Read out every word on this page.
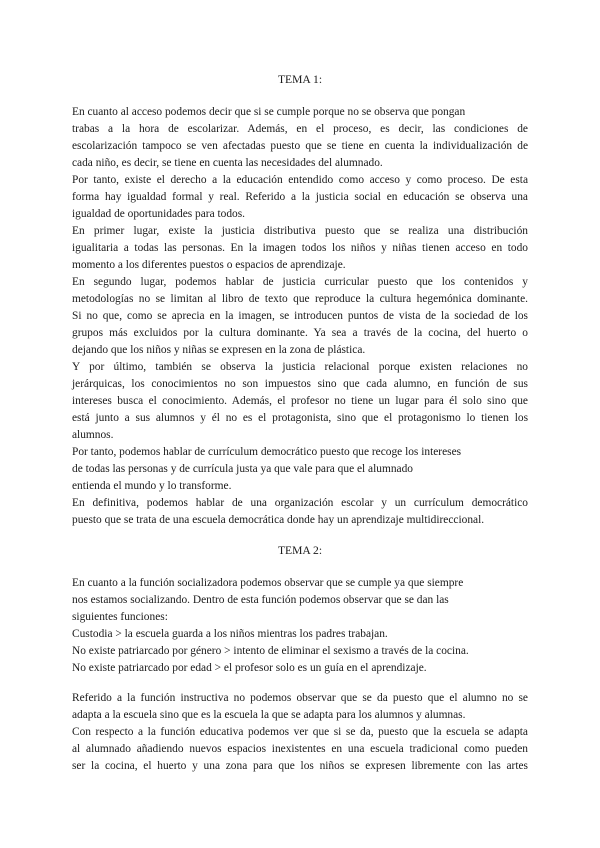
TEMA 1:

En cuanto al acceso podemos decir que si se cumple porque no se observa que pongan

trabas a la hora de escolarizar. Además, en el proceso, es decir, las condiciones de

escolarización tampoco se ven afectadas puesto que se tiene en cuenta la individualización de

cada niño, es decir, se tiene en cuenta las necesidades del alumnado.

Por tanto, existe el derecho a la educación entendido como acceso y como proceso. De esta

forma hay igualdad formal y real. Referido a la justicia social en educación se observa una

igualdad de oportunidades para todos.

En primer lugar, existe la justicia distributiva puesto que se realiza una distribución

igualitaria a todas las personas. En la imagen todos los niños y niñas tienen acceso en todo

momento a los diferentes puestos o espacios de aprendizaje.

En segundo lugar, podemos hablar de justicia curricular puesto que los contenidos y

metodologías no se limitan al libro de texto que reproduce la cultura hegemónica dominante.

Si no que, como se aprecia en la imagen, se introducen puntos de vista de la sociedad de los

grupos más excluidos por la cultura dominante. Ya sea a través de la cocina, del huerto o

dejando que los niños y niñas se expresen en la zona de plástica.

Y por último, también se observa la justicia relacional porque existen relaciones no

jerárquicas, los conocimientos no son impuestos sino que cada alumno, en función de sus

intereses busca el conocimiento. Además, el profesor no tiene un lugar para él solo sino que

está junto a sus alumnos y él no es el protagonista, sino que el protagonismo lo tienen los

alumnos.

Por tanto, podemos hablar de currículum democrático puesto que recoge los intereses

de todas las personas y de currícula justa ya que vale para que el alumnado

entienda el mundo y lo transforme.

En definitiva, podemos hablar de una organización escolar y un currículum democrático

puesto que se trata de una escuela democrática donde hay un aprendizaje multidireccional.

TEMA 2:

En cuanto a la función socializadora podemos observar que se cumple ya que siempre

nos estamos socializando. Dentro de esta función podemos observar que se dan las

siguientes funciones:

Custodia > la escuela guarda a los niños mientras los padres trabajan.

No existe patriarcado por género > intento de eliminar el sexismo a través de la cocina.

No existe patriarcado por edad > el profesor solo es un guía en el aprendizaje.

Referido a la función instructiva no podemos observar que se da puesto que el alumno no se

adapta a la escuela sino que es la escuela la que se adapta para los alumnos y alumnas.

Con respecto a la función educativa podemos ver que si se da, puesto que la escuela se adapta

al alumnado añadiendo nuevos espacios inexistentes en una escuela tradicional como pueden

ser la cocina, el huerto y una zona para que los niños se expresen libremente con las artes
